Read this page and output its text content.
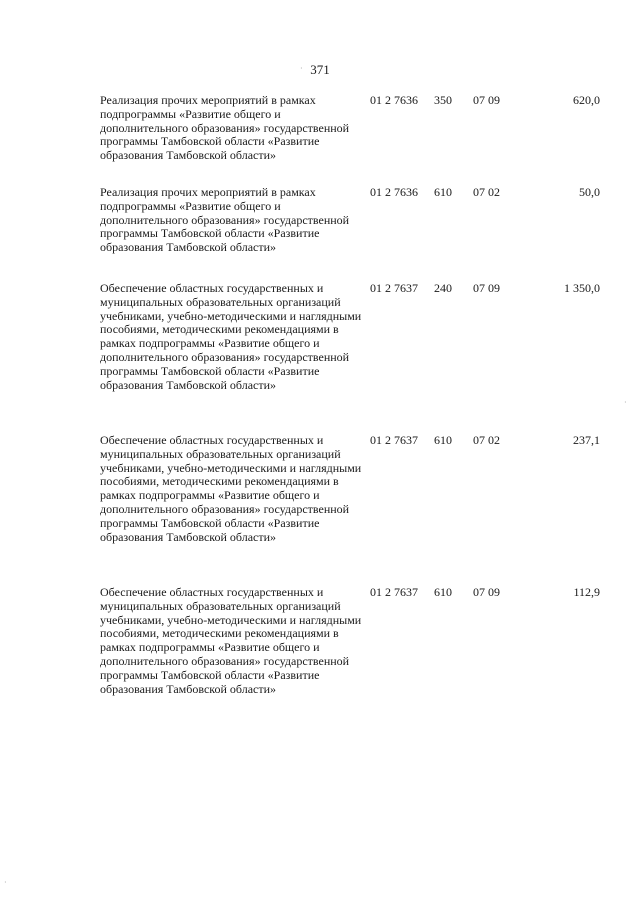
371
Реализация прочих мероприятий в рамках подпрограммы «Развитие общего и дополнительного образования» государственной программы Тамбовской области «Развитие образования Тамбовской области»
01 2 7636 350 07 09	620,0
Реализация прочих мероприятий в рамках подпрограммы «Развитие общего и дополнительного образования» государственной программы Тамбовской области «Развитие образования Тамбовской области»
01 2 7636 610 07 02	50,0
Обеспечение областных государственных и муниципальных образовательных организаций учебниками, учебно-методическими и наглядными пособиями, методическими рекомендациями в рамках подпрограммы «Развитие общего и дополнительного образования» государственной программы Тамбовской области «Развитие образования Тамбовской области»
01 2 7637 240 07 09	1 350,0
Обеспечение областных государственных и муниципальных образовательных организаций учебниками, учебно-методическими и наглядными пособиями, методическими рекомендациями в рамках подпрограммы «Развитие общего и дополнительного образования» государственной программы Тамбовской области «Развитие образования Тамбовской области»
01 2 7637 610 07 02	237,1
Обеспечение областных государственных и муниципальных образовательных организаций учебниками, учебно-методическими и наглядными пособиями, методическими рекомендациями в рамках подпрограммы «Развитие общего и дополнительного образования» государственной программы Тамбовской области «Развитие образования Тамбовской области»
01 2 7637 610 07 09	112,9
·
·
·
